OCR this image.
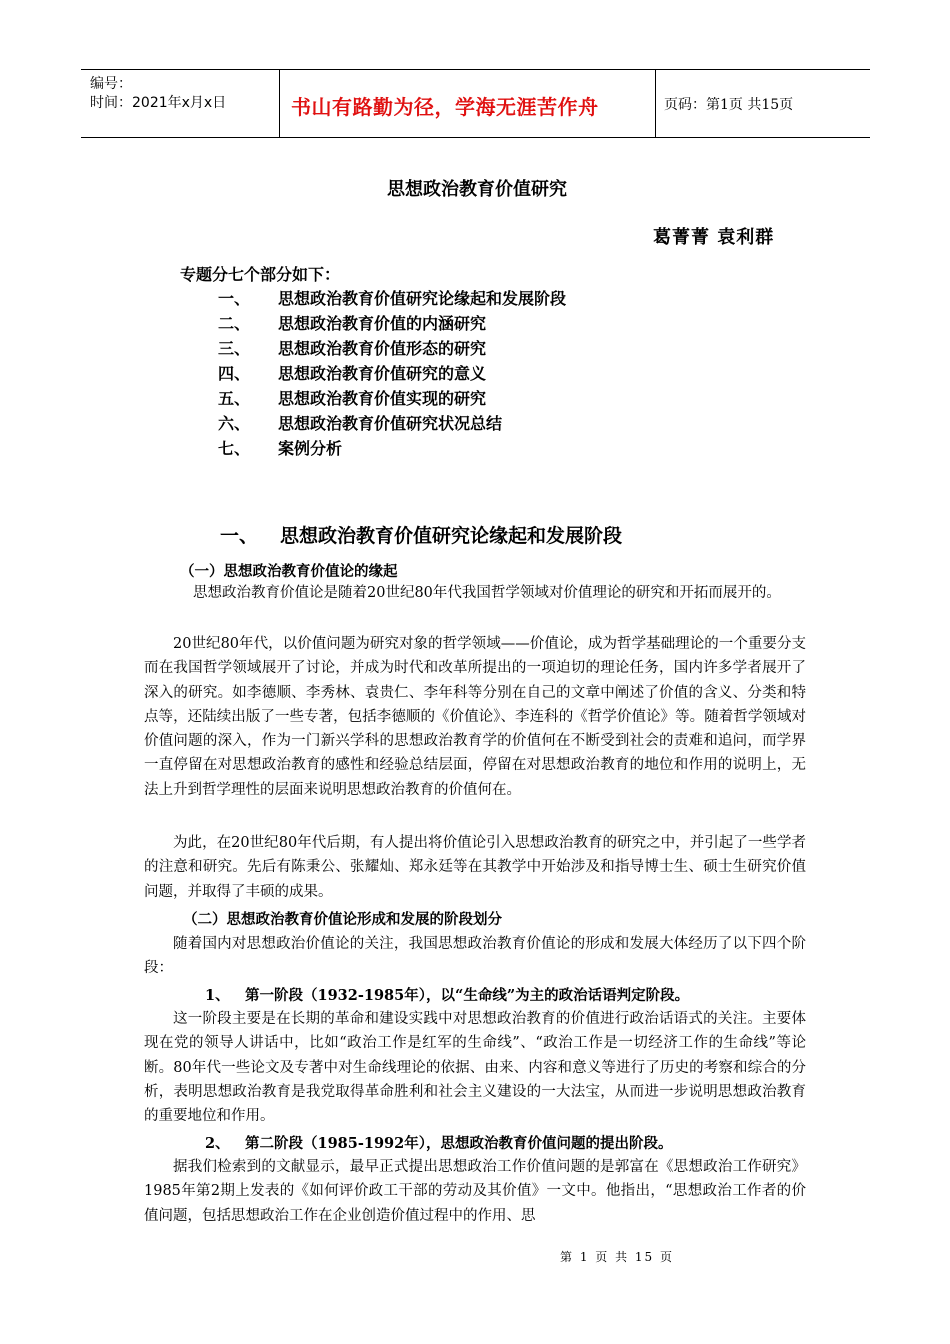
编号：
时间：2021年x月x日	书山有路勤为径，学海无涯苦作舟	页码：第1页 共15页
思想政治教育价值研究
葛菁菁 袁利群
专题分七个部分如下：
一、 思想政治教育价值研究论缘起和发展阶段
二、 思想政治教育价值的内涵研究
三、 思想政治教育价值形态的研究
四、 思想政治教育价值研究的意义
五、 思想政治教育价值实现的研究
六、 思想政治教育价值研究状况总结
七、 案例分析
一、 思想政治教育价值研究论缘起和发展阶段
（一）思想政治教育价值论的缘起
思想政治教育价值论是随着20世纪80年代我国哲学领域对价值理论的研究和开拓而展开的。
20世纪80年代，以价值问题为研究对象的哲学领域——价值论，成为哲学基础理论的一个重要分支而在我国哲学领域展开了讨论，并成为时代和改革所提出的一项迫切的理论任务，国内许多学者展开了深入的研究。如李德顺、李秀林、袁贵仁、李年科等分别在自己的文章中阐述了价值的含义、分类和特点等，还陆续出版了一些专著，包括李德顺的《价值论》、李连科的《哲学价值论》等。随着哲学领域对价值问题的深入，作为一门新兴学科的思想政治教育学的价值何在不断受到社会的责难和追问，而学界一直停留在对思想政治教育的感性和经验总结层面，停留在对思想政治教育的地位和作用的说明上，无法上升到哲学理性的层面来说明思想政治教育的价值何在。
为此，在20世纪80年代后期，有人提出将价值论引入思想政治教育的研究之中，并引起了一些学者的注意和研究。先后有陈秉公、张耀灿、郑永廷等在其教学中开始涉及和指导博士生、硕士生研究价值问题，并取得了丰硕的成果。
（二）思想政治教育价值论形成和发展的阶段划分
随着国内对思想政治价值论的关注，我国思想政治教育价值论的形成和发展大体经历了以下四个阶段：
1、 第一阶段（1932-1985年），以“生命线”为主的政治话语判定阶段。
这一阶段主要是在长期的革命和建设实践中对思想政治教育的价值进行政治话语式的关注。主要体现在党的领导人讲话中，比如“政治工作是红军的生命线”、“政治工作是一切经济工作的生命线”等论断。80年代一些论文及专著中对生命线理论的依据、由来、内容和意义等进行了历史的考察和综合的分析，表明思想政治教育是我党取得革命胜利和社会主义建设的一大法宝，从而进一步说明思想政治教育的重要地位和作用。
2、 第二阶段（1985-1992年），思想政治教育价值问题的提出阶段。
据我们检索到的文献显示，最早正式提出思想政治工作价值问题的是郭富在《思想政治工作研究》1985年第2期上发表的《如何评价政工干部的劳动及其价值》一文中。他指出，“思想政治工作者的价值问题，包括思想政治工作在企业创造价值过程中的作用、思
第 1 页 共 15 页
